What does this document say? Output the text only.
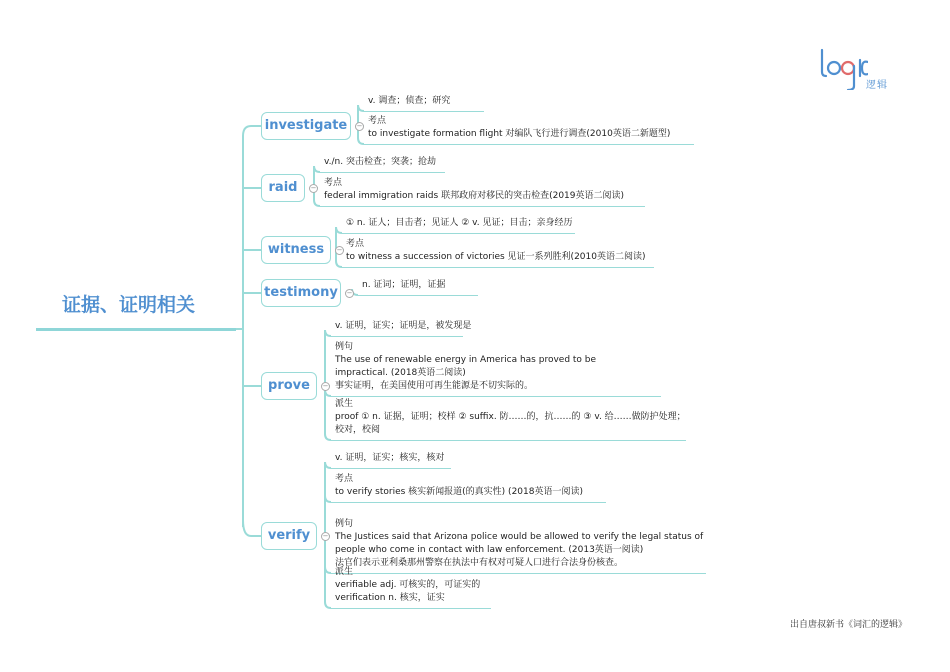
证据、证明相关
investigate	−
v. 调查；侦查；研究
考点
to investigate formation flight 对编队飞行进行调查(2010英语二新题型)
raid	−
v./n. 突击检查；突袭；抢劫
考点
federal immigration raids 联邦政府对移民的突击检查(2019英语二阅读)
witness	−
① n. 证人；目击者；见证人 ② v. 见证；目击；亲身经历
考点
to witness a succession of victories 见证一系列胜利(2010英语二阅读)
testimony	−
n. 证词；证明，证据
prove	−
v. 证明，证实；证明是，被发现是
例句
The use of renewable energy in America has proved to be
impractical. (2018英语二阅读)
事实证明，在美国使用可再生能源是不切实际的。
派生
proof ① n. 证据，证明；校样 ② suffix. 防……的，抗……的 ③ v. 给……做防护处理；
校对，校阅
verify	−
v. 证明，证实；核实，核对
考点
to verify stories 核实新闻报道(的真实性) (2018英语一阅读)
例句
The Justices said that Arizona police would be allowed to verify the legal status of
people who come in contact with law enforcement. (2013英语一阅读)
法官们表示亚利桑那州警察在执法中有权对可疑人口进行合法身份核查。
派生
verifiable adj. 可核实的，可证实的
verification n. 核实，证实
逻辑
出自唐叔新书《词汇的逻辑》
